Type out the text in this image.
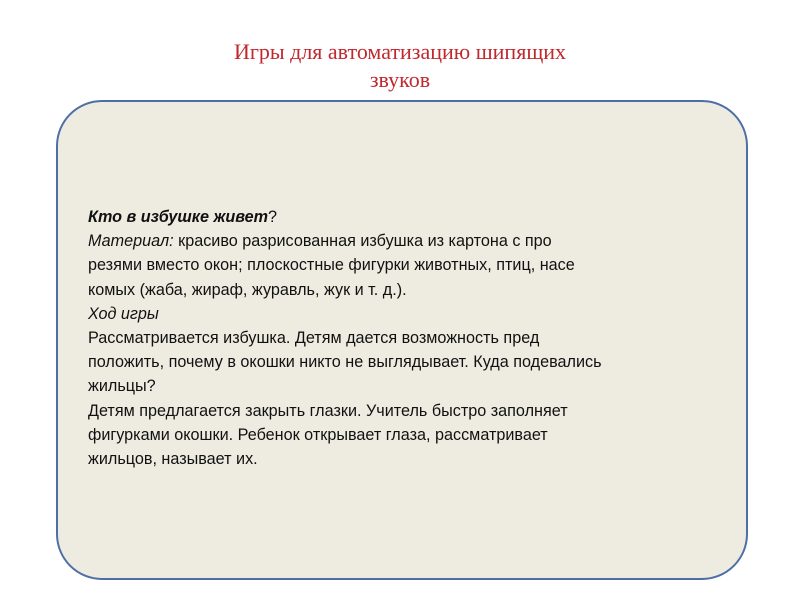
Игры для автоматизацию шипящих
звуков
Кто в избушке живет?
Материал: красиво разрисованная избушка из картона с про
резями вместо окон; плоскостные фигурки животных, птиц, насе
комых (жаба, жираф, журавль, жук и т. д.).
Ход игры
Рассматривается избушка. Детям дается возможность пред
положить, почему в окошки никто не выглядывает. Куда подевались
жильцы?
Детям предлагается закрыть глазки. Учитель быстро заполняет
фигурками окошки. Ребенок открывает глаза, рассматривает
жильцов, называет их.
